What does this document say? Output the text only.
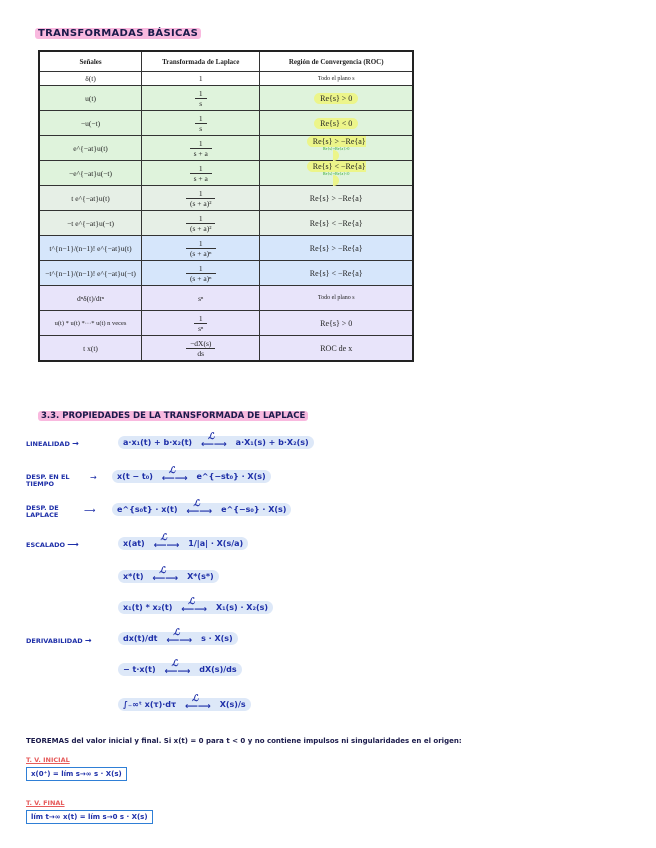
TRANSFORMADAS BÁSICAS
Señales	Transformada de Laplace	Región de Convergencia (ROC)
δ(t)	1	Todo el plano s
u(t)	$\frac{1}{s}$	Re{s} > 0
−u(−t)	$\frac{1}{s}$	Re{s} < 0
e^{−at}u(t)	$\frac{1}{s + a}$	Re{s} > −Re{a}
Re{s}+Re{a}>0

−e^{−at}u(−t)	$\frac{1}{s + a}$	Re{s} < −Re{a}
Re{s}+Re{a}<0

t e^{−at}u(t)	$\frac{1}{\text{(s + a)²}}$	Re{s} > −Re{a}
−t e^{−at}u(−t)	$\frac{1}{\text{(s + a)²}}$	Re{s} < −Re{a}
t^{n−1}/(n−1)! e^{−at}u(t)	$\frac{1}{\text{(s + a)ⁿ}}$	Re{s} > −Re{a}
−t^{n−1}/(n−1)! e^{−at}u(−t)	$\frac{1}{\text{(s + a)ⁿ}}$	Re{s} < −Re{a}
dⁿδ(t)/dtⁿ	sⁿ	Todo el plano s
u(t) * u(t) *···* u(t) n veces	$\frac{1}{\text{sⁿ}}$	Re{s} > 0
t x(t)	$\frac{-dX(s)}{ds}$	ROC de x
3.3. PROPIEDADES DE LA TRANSFORMADA DE LAPLACE
LINEALIDAD →	a·x₁(t) + b·x₂(t) ℒ
⟵⟶	a·X₁(s) + b·X₂(s)
DESP. EN EL TIEMPO
→	x(t − t₀) ℒ
⟵⟶	e^{−st₀} · X(s)
DESP. DE LAPLACE	⟶	e^{s₀t} · x(t) ℒ
⟵⟶	e^{−s₀} · X(s)
ESCALADO ⟶	x(at) ℒ
⟵⟶	1/|a| · X(s/a)
x*(t) ℒ
⟵⟶	X*(s*)
x₁(t) * x₂(t) ℒ
⟵⟶	X₁(s) · X₂(s)
DERIVABILIDAD →	dx(t)/dt ℒ
⟵⟶	s · X(s)
− t·x(t) ℒ
⟵⟶	dX(s)/ds
∫₋∞ᵗ x(τ)·dτ ℒ
⟵⟶	X(s)/s
TEOREMAS del valor inicial y final. Si x(t) = 0 para t < 0 y no contiene impulsos ni singularidades en el origen:
T. V. INICIAL
x(0⁺) = lím s→∞ s · X(s)
T. V. FINAL
lím t→∞ x(t) = lím s→0 s · X(s)
